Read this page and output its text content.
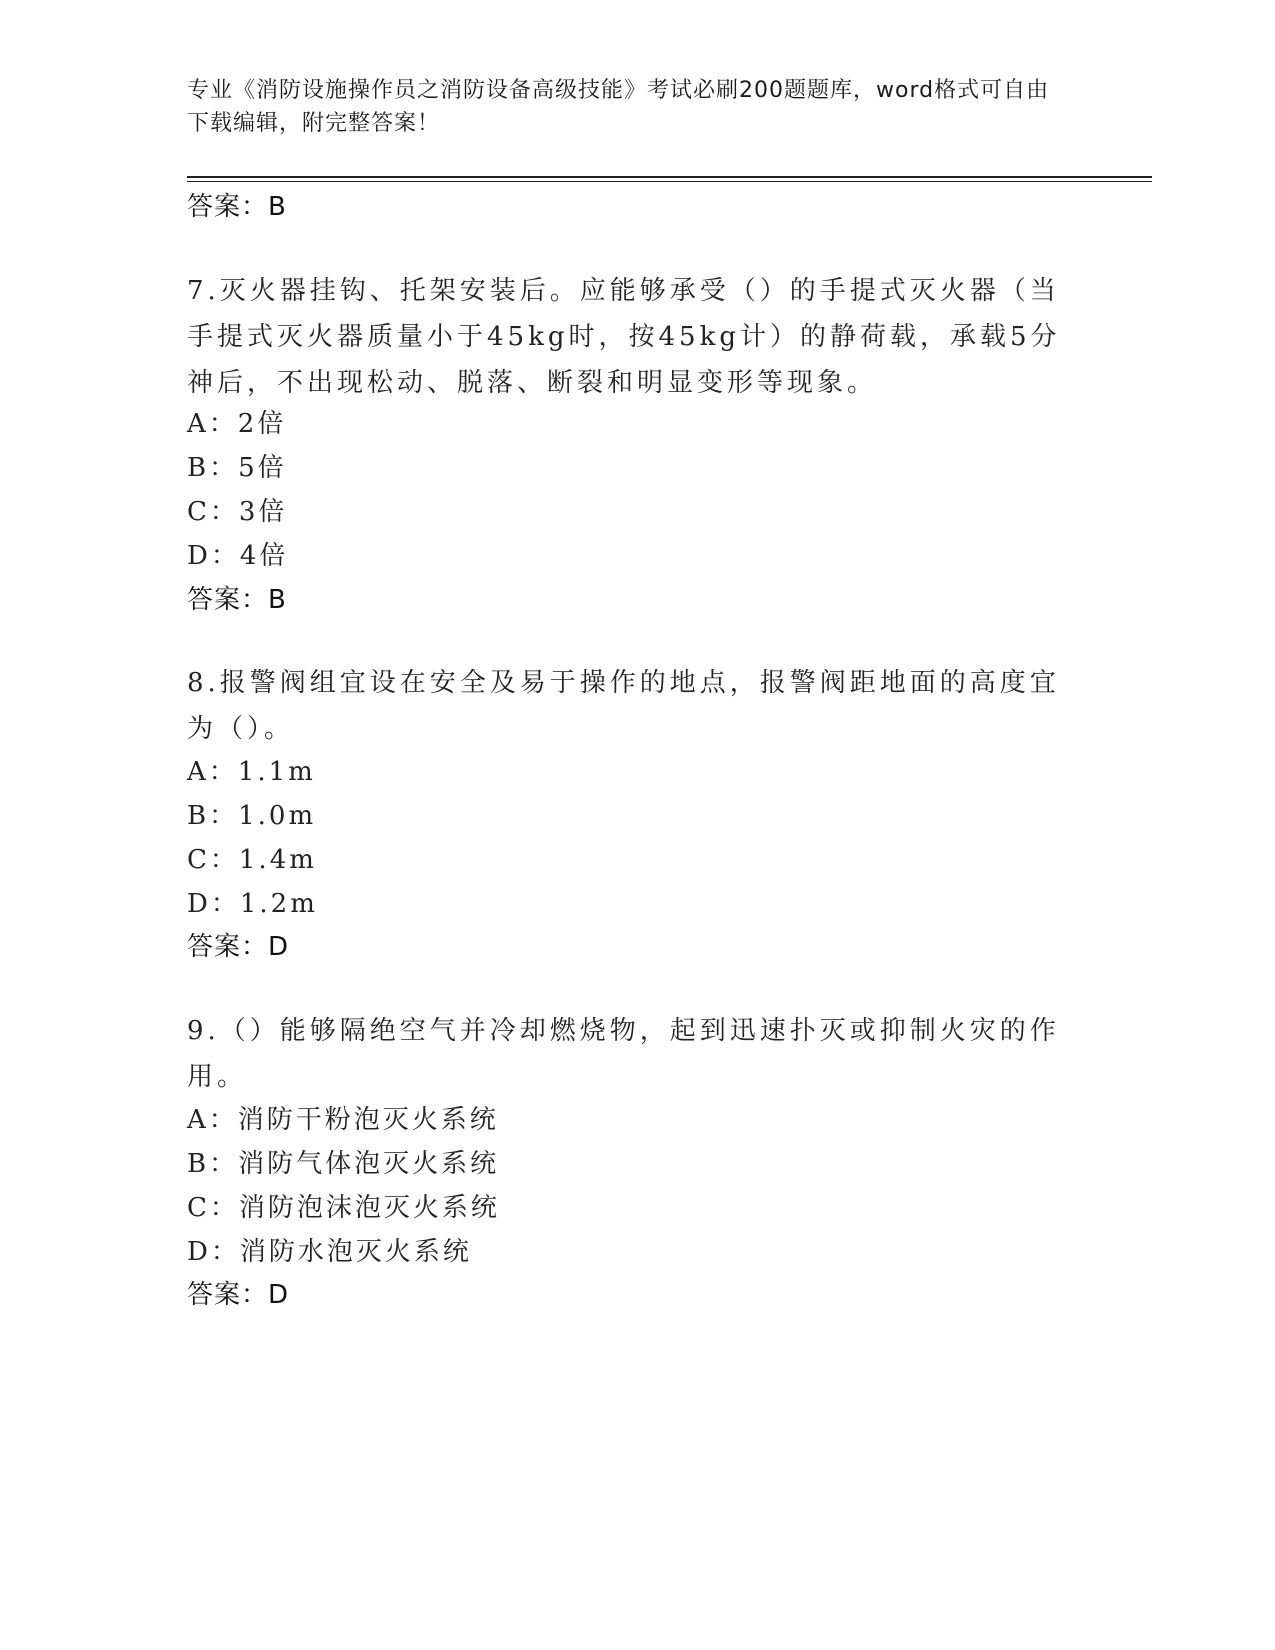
专业《消防设施操作员之消防设备高级技能》考试必刷200题题库，word格式可自由下载编辑，附完整答案！
答案：B
7.灭火器挂钩、托架安装后。应能够承受（）的手提式灭火器（当手提式灭火器质量小于45kg时，按45kg计）的静荷载，承载5分神后，不出现松动、脱落、断裂和明显变形等现象。
A：2倍
B：5倍
C：3倍
D：4倍
答案：B
8.报警阀组宜设在安全及易于操作的地点，报警阀距地面的高度宜为（）。
A：1.1m
B：1.0m
C：1.4m
D：1.2m
答案：D
9.（）能够隔绝空气并冷却燃烧物，起到迅速扑灭或抑制火灾的作用。
A：消防干粉泡灭火系统
B：消防气体泡灭火系统
C：消防泡沫泡灭火系统
D：消防水泡灭火系统
答案：D
